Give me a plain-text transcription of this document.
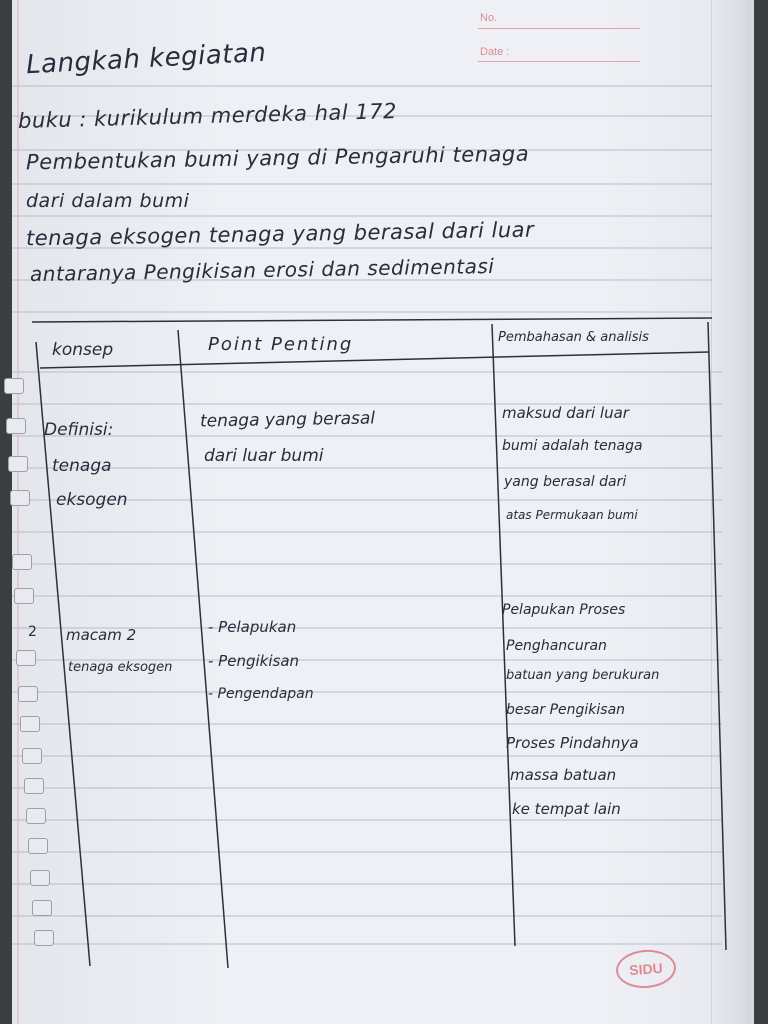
No.
Date :
Langkah kegiatan
buku : kurikulum merdeka hal 172
Pembentukan bumi yang di Pengaruhi tenaga
dari dalam bumi
tenaga eksogen tenaga yang berasal dari luar
antaranya Pengikisan erosi dan sedimentasi
konsep	Point Penting	Pembahasan & analisis
Definisi:
tenaga
eksogen
tenaga yang berasal
dari luar bumi
maksud dari luar
bumi adalah tenaga
yang berasal dari
atas Permukaan bumi
2 macam 2
tenaga eksogen
- Pelapukan
- Pengikisan
- Pengendapan
Pelapukan Proses
Penghancuran
batuan yang berukuran
besar Pengikisan
Proses Pindahnya
massa batuan
ke tempat lain
SIDU
